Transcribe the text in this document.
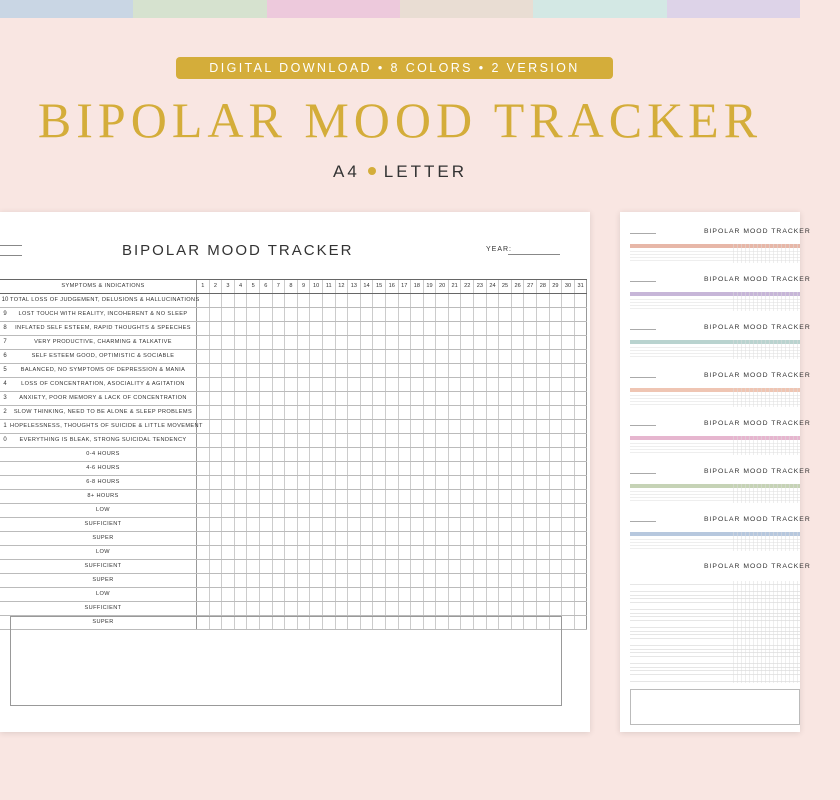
DIGITAL DOWNLOAD • 8 COLORS • 2 VERSION
BIPOLAR MOOD TRACKER
A4 LETTER
BIPOLAR MOOD TRACKER	YEAR:
SYMPTOMS & INDICATIONS	1	2	3	4	5	6	7	8	9	10	11	12	13	14	15	16	17	18	19	20	21	22	23	24	25	26	27	28	29	30	31
10 TOTAL LOSS OF JUDGEMENT, DELUSIONS & HALLUCINATIONS
9	LOST TOUCH WITH REALITY, INCOHERENT & NO SLEEP
8	INFLATED SELF ESTEEM, RAPID THOUGHTS & SPEECHES
7	VERY PRODUCTIVE, CHARMING & TALKATIVE
6	SELF ESTEEM GOOD, OPTIMISTIC & SOCIABLE
5	BALANCED, NO SYMPTOMS OF DEPRESSION & MANIA
4	LOSS OF CONCENTRATION, ASOCIALITY & AGITATION
3	ANXIETY, POOR MEMORY & LACK OF CONCENTRATION
2	SLOW THINKING, NEED TO BE ALONE & SLEEP PROBLEMS
1 HOPELESSNESS, THOUGHTS OF SUICIDE & LITTLE MOVEMENT
0	EVERYTHING IS BLEAK, STRONG SUICIDAL TENDENCY
0-4 HOURS
4-6 HOURS
6-8 HOURS
8+ HOURS
LOW
SUFFICIENT
SUPER
LOW
SUFFICIENT
SUPER
LOW
SUFFICIENT
SUPER
BIPOLAR MOOD TRACKER
BIPOLAR MOOD TRACKER
BIPOLAR MOOD TRACKER
BIPOLAR MOOD TRACKER
BIPOLAR MOOD TRACKER
BIPOLAR MOOD TRACKER
BIPOLAR MOOD TRACKER
BIPOLAR MOOD TRACKER
